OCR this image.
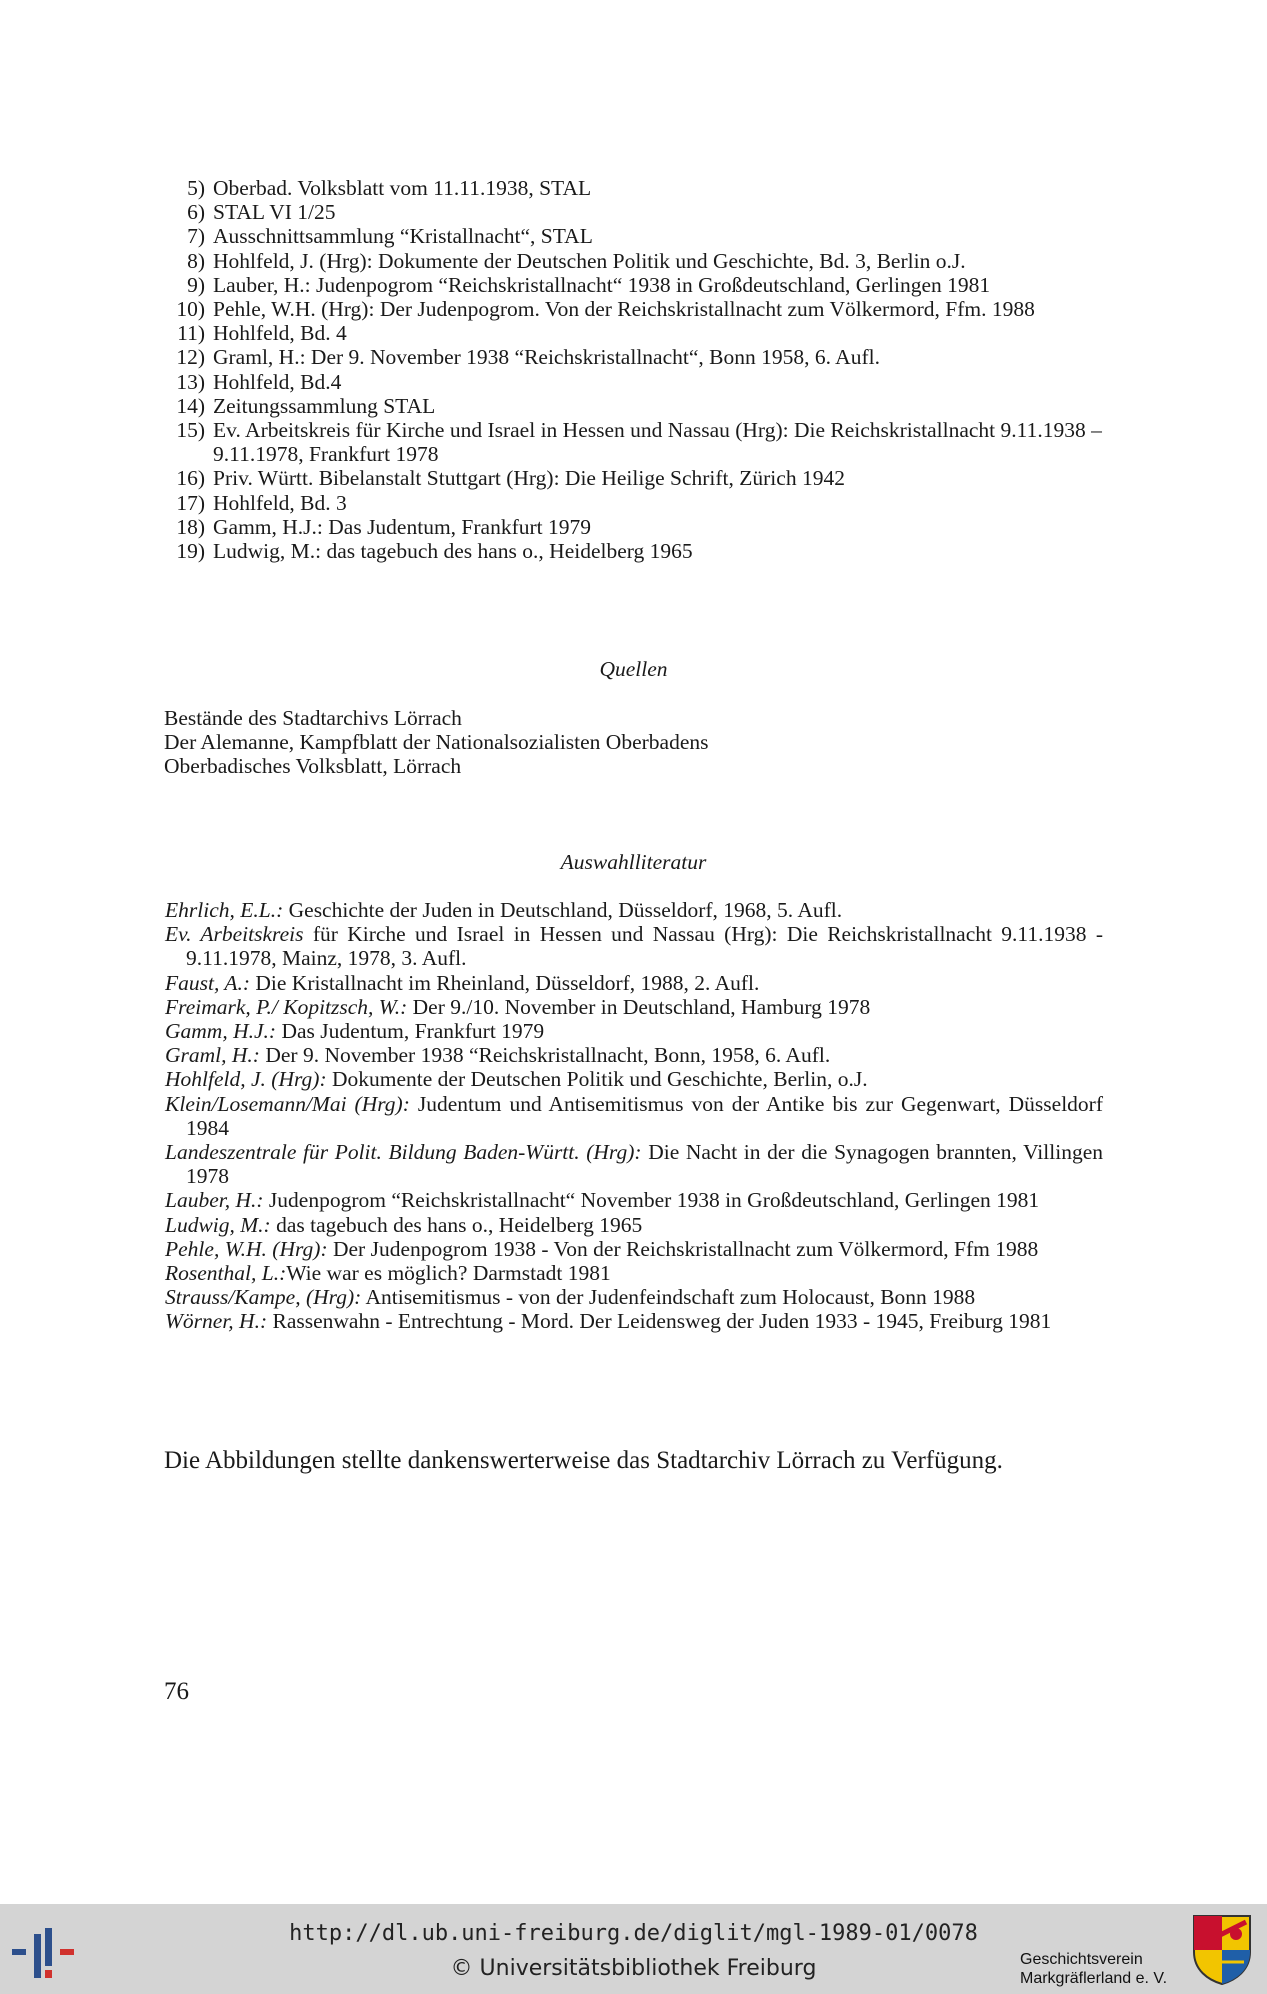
5) Oberbad. Volksblatt vom 11.11.1938, STAL
6) STAL VI 1/25
7) Ausschnittsammlung “Kristallnacht“, STAL
8) Hohlfeld, J. (Hrg): Dokumente der Deutschen Politik und Geschichte, Bd. 3, Berlin o.J.
9) Lauber, H.: Judenpogrom “Reichskristallnacht“ 1938 in Großdeutschland, Gerlingen 1981
10) Pehle, W.H. (Hrg): Der Judenpogrom. Von der Reichskristallnacht zum Völkermord, Ffm. 1988
11) Hohlfeld, Bd. 4
12) Graml, H.: Der 9. November 1938 “Reichskristallnacht“, Bonn 1958, 6. Aufl.
13) Hohlfeld, Bd.4
14) Zeitungssammlung STAL
15) Ev. Arbeitskreis für Kirche und Israel in Hessen und Nassau (Hrg): Die Reichskristallnacht 9.11.1938 – 9.11.1978, Frankfurt 1978
16) Priv. Württ. Bibelanstalt Stuttgart (Hrg): Die Heilige Schrift, Zürich 1942
17) Hohlfeld, Bd. 3
18) Gamm, H.J.: Das Judentum, Frankfurt 1979
19) Ludwig, M.: das tagebuch des hans o., Heidelberg 1965
Quellen
Bestände des Stadtarchivs Lörrach
Der Alemanne, Kampfblatt der Nationalsozialisten Oberbadens
Oberbadisches Volksblatt, Lörrach
Auswahlliteratur
Ehrlich, E.L.: Geschichte der Juden in Deutschland, Düsseldorf, 1968, 5. Aufl.
Ev. Arbeitskreis für Kirche und Israel in Hessen und Nassau (Hrg): Die Reichskristallnacht 9.11.1938 - 9.11.1978, Mainz, 1978, 3. Aufl.
Faust, A.: Die Kristallnacht im Rheinland, Düsseldorf, 1988, 2. Aufl.
Freimark, P./ Kopitzsch, W.: Der 9./10. November in Deutschland, Hamburg 1978
Gamm, H.J.: Das Judentum, Frankfurt 1979
Graml, H.: Der 9. November 1938 “Reichskristallnacht, Bonn, 1958, 6. Aufl.
Hohlfeld, J. (Hrg): Dokumente der Deutschen Politik und Geschichte, Berlin, o.J.
Klein/Losemann/Mai (Hrg): Judentum und Antisemitismus von der Antike bis zur Gegenwart, Düsseldorf 1984
Landeszentrale für Polit. Bildung Baden-Württ. (Hrg): Die Nacht in der die Synagogen brannten, Villingen 1978
Lauber, H.: Judenpogrom “Reichskristallnacht“ November 1938 in Großdeutschland, Gerlingen 1981
Ludwig, M.: das tagebuch des hans o., Heidelberg 1965
Pehle, W.H. (Hrg): Der Judenpogrom 1938 - Von der Reichskristallnacht zum Völkermord, Ffm 1988
Rosenthal, L.:Wie war es möglich? Darmstadt 1981
Strauss/Kampe, (Hrg): Antisemitismus - von der Judenfeindschaft zum Holocaust, Bonn 1988
Wörner, H.: Rassenwahn - Entrechtung - Mord. Der Leidensweg der Juden 1933 - 1945, Freiburg 1981
Die Abbildungen stellte dankenswerterweise das Stadtarchiv Lörrach zu Verfügung.
76
http://dl.ub.uni-freiburg.de/diglit/mgl-1989-01/0078
© Universitätsbibliothek Freiburg	Geschichtsverein
Markgräflerland e. V.
